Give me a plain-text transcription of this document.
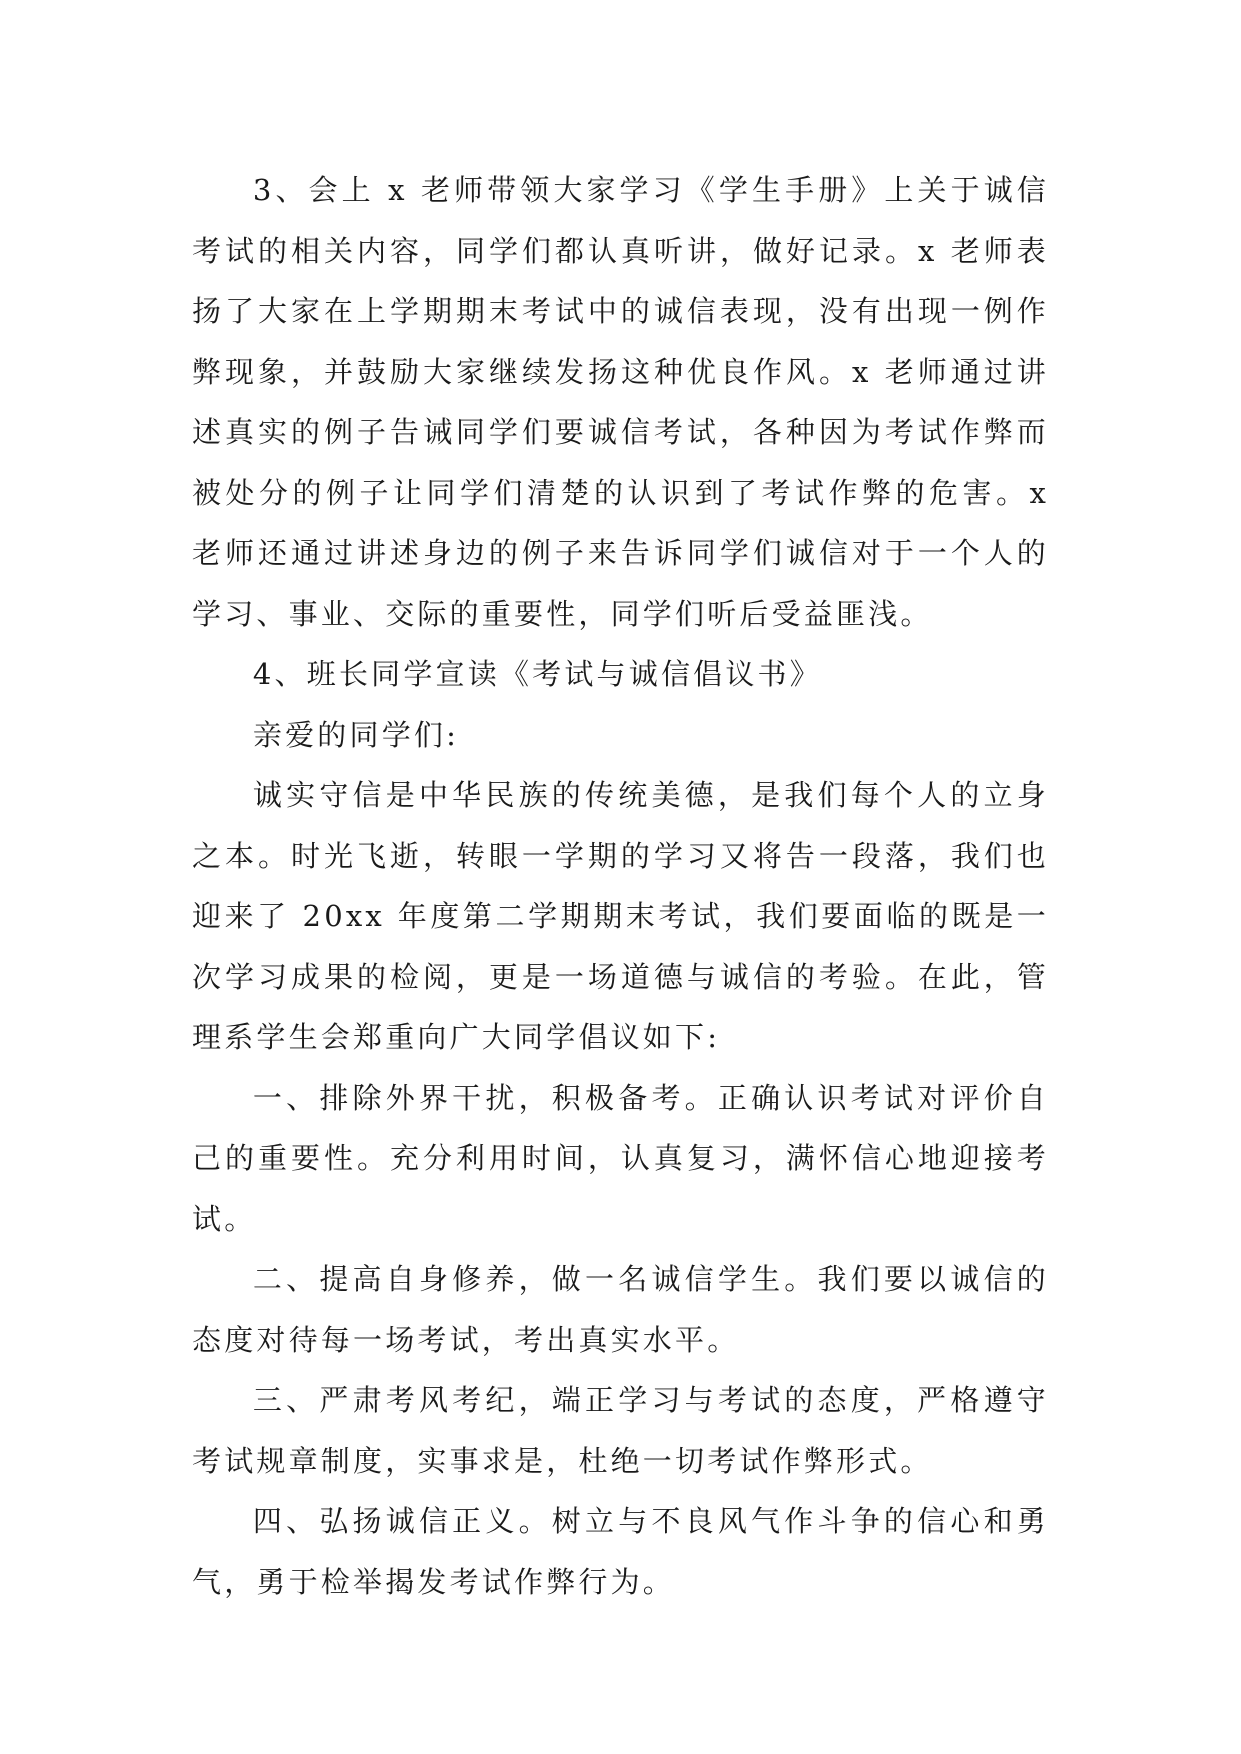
3、会上 x 老师带领大家学习《学生手册》上关于诚信考试的相关内容，同学们都认真听讲，做好记录。x 老师表扬了大家在上学期期末考试中的诚信表现，没有出现一例作弊现象，并鼓励大家继续发扬这种优良作风。x 老师通过讲述真实的例子告诫同学们要诚信考试，各种因为考试作弊而被处分的例子让同学们清楚的认识到了考试作弊的危害。x 老师还通过讲述身边的例子来告诉同学们诚信对于一个人的学习、事业、交际的重要性，同学们听后受益匪浅。

4、班长同学宣读《考试与诚信倡议书》

亲爱的同学们:

诚实守信是中华民族的传统美德，是我们每个人的立身之本。时光飞逝，转眼一学期的学习又将告一段落，我们也迎来了 20xx 年度第二学期期末考试，我们要面临的既是一次学习成果的检阅，更是一场道德与诚信的考验。在此，管理系学生会郑重向广大同学倡议如下:

一、排除外界干扰，积极备考。正确认识考试对评价自己的重要性。充分利用时间，认真复习，满怀信心地迎接考试。

二、提高自身修养，做一名诚信学生。我们要以诚信的态度对待每一场考试，考出真实水平。

三、严肃考风考纪，端正学习与考试的态度，严格遵守考试规章制度，实事求是，杜绝一切考试作弊形式。

四、弘扬诚信正义。树立与不良风气作斗争的信心和勇气，勇于检举揭发考试作弊行为。
